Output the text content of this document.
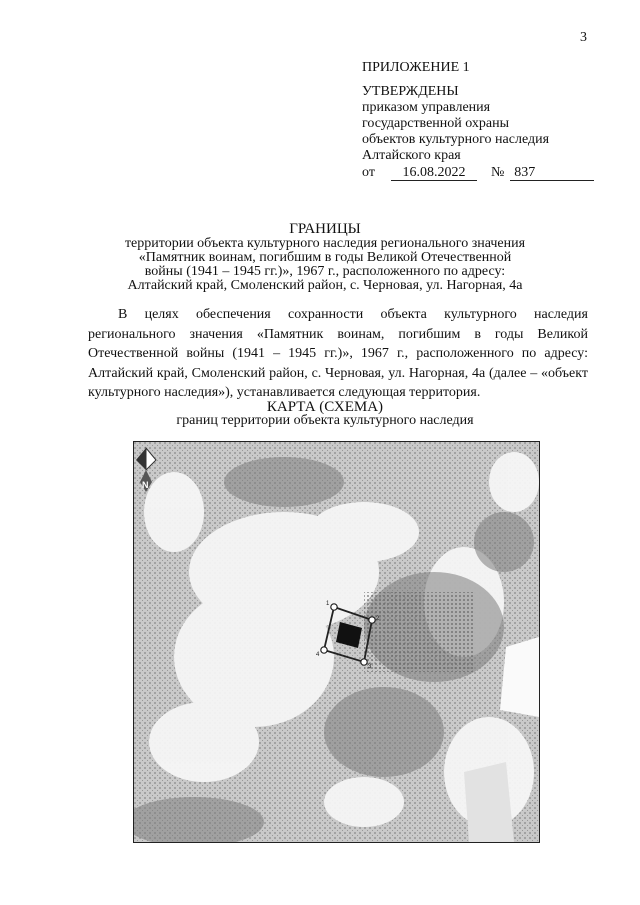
3
ПРИЛОЖЕНИЕ 1
УТВЕРЖДЕНЫ
приказом управления
государственной охраны
объектов культурного наследия
Алтайского края
от	16.08.2022	№ 837
ГРАНИЦЫ
территории объекта культурного наследия регионального значения
«Памятник воинам, погибшим в годы Великой Отечественной
войны (1941 – 1945 гг.)», 1967 г., расположенного по адресу:
Алтайский край, Смоленский район, с. Черновая, ул. Нагорная, 4а
В целях обеспечения сохранности объекта культурного наследия регионального значения «Памятник воинам, погибшим в годы Великой Отечественной войны (1941 – 1945 гг.)», 1967 г., расположенного по адресу: Алтайский край, Смоленский район, с. Черновая, ул. Нагорная, 4а (далее – «объект культурного наследия»), устанавливается следующая территория.
КАРТА (СХЕМА)
границ территории объекта культурного наследия
1
2
3
4
N
